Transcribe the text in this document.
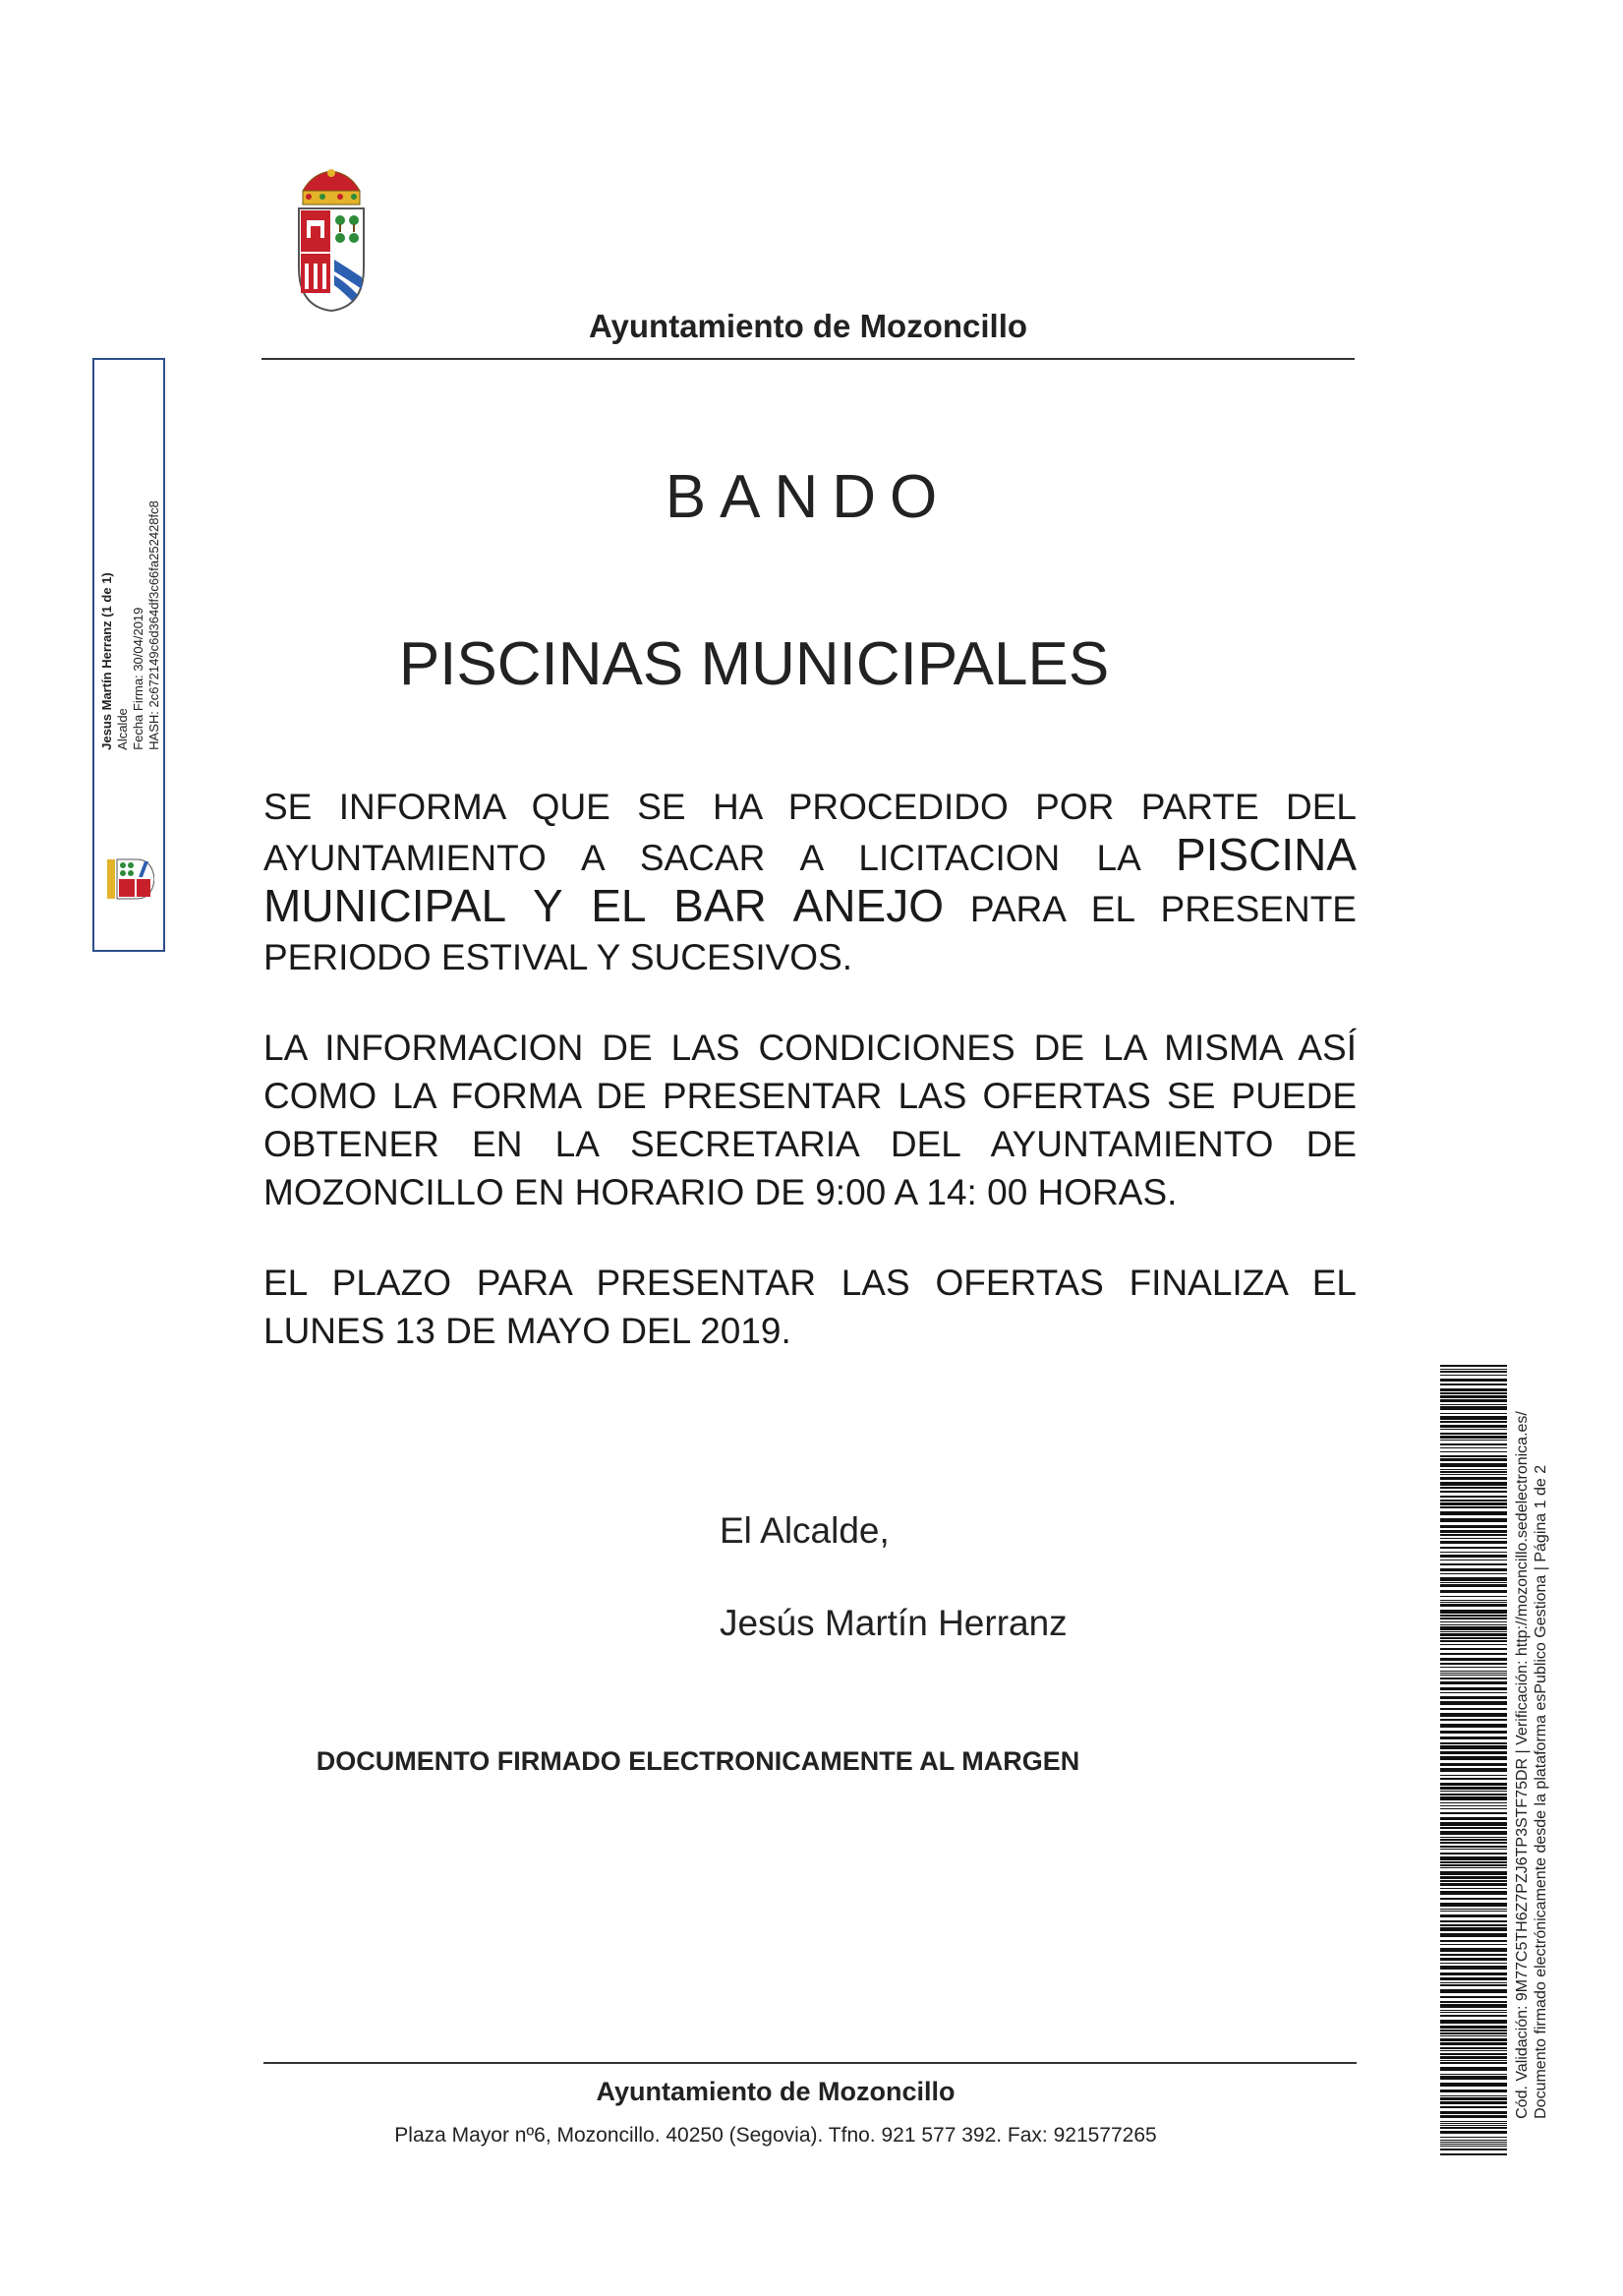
Ayuntamiento de Mozoncillo
BANDO
PISCINAS MUNICIPALES

SE INFORMA QUE SE HA PROCEDIDO POR PARTE DEL AYUNTAMIENTO A SACAR A LICITACION LA PISCINA MUNICIPAL Y EL BAR ANEJO PARA EL PRESENTE PERIODO ESTIVAL Y SUCESIVOS.

LA INFORMACION DE LAS CONDICIONES DE LA MISMA ASÍ COMO LA FORMA DE PRESENTAR LAS OFERTAS SE PUEDE OBTENER EN LA SECRETARIA DEL AYUNTAMIENTO DE MOZONCILLO EN HORARIO DE 9:00 A 14: 00 HORAS.

EL PLAZO PARA PRESENTAR LAS OFERTAS FINALIZA EL LUNES 13 DE MAYO DEL 2019.

El Alcalde,
Jesús Martín Herranz
DOCUMENTO FIRMADO ELECTRONICAMENTE AL MARGEN
Ayuntamiento de Mozoncillo
Plaza Mayor nº6, Mozoncillo. 40250 (Segovia). Tfno. 921 577 392. Fax: 921577265
Jesus Martín Herranz (1 de 1) Alcalde Fecha Firma: 30/04/2019 HASH: 2c672149c6d364df3c66fa252428fc8
Cód. Validación: 9M77C5TH6Z7PZJ6TP3STF75DR | Verificación: http://mozoncillo.sedelectronica.es/ Documento firmado electrónicamente desde la plataforma esPublico Gestiona | Página 1 de 2
